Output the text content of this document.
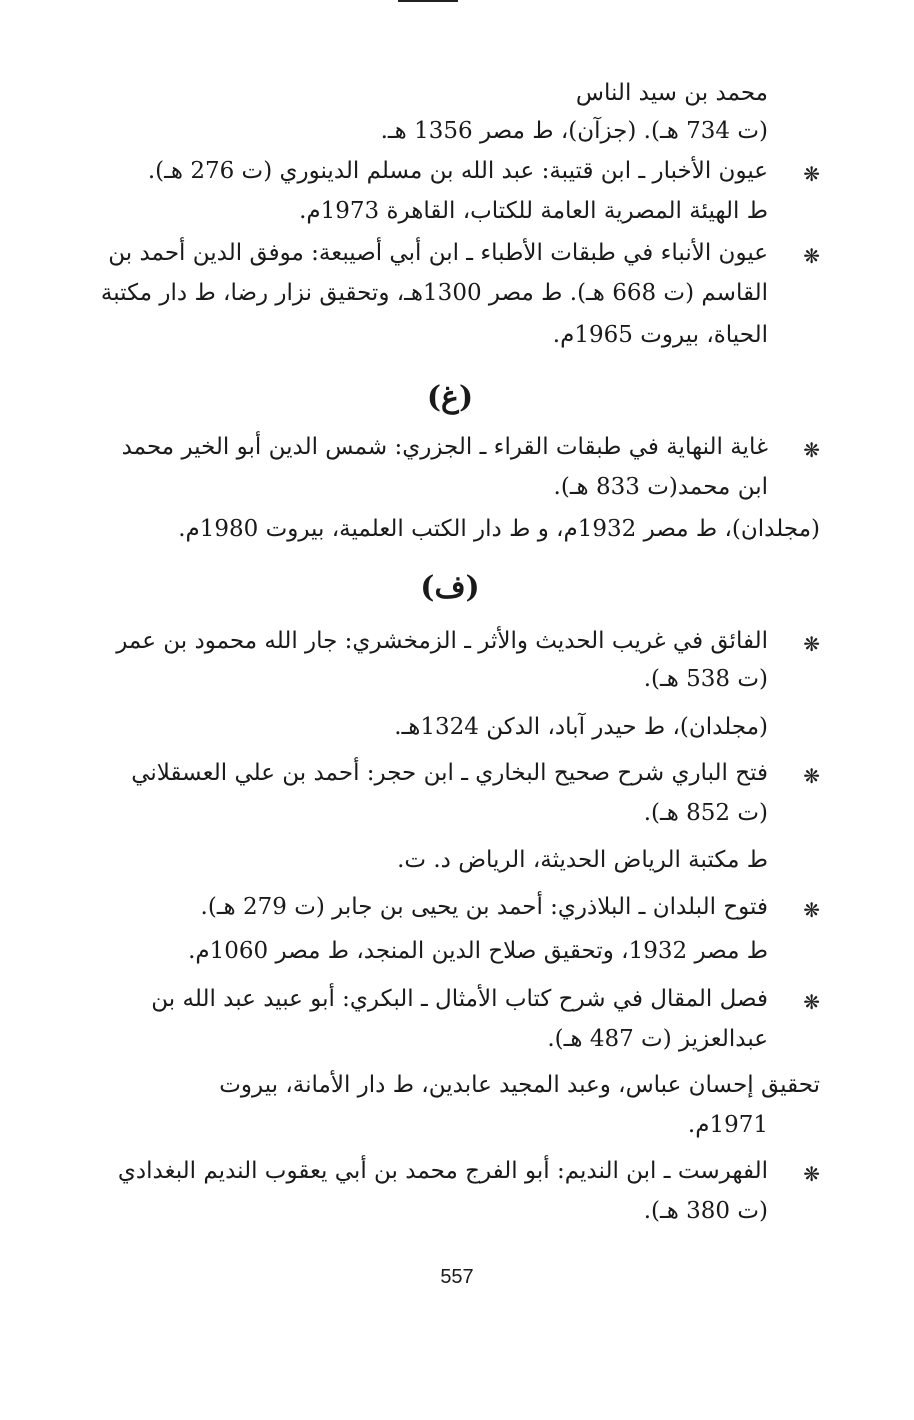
محمد بن سيد الناس
(ت 734 هـ). (جزآن)، ط مصر 1356 هـ.
❋
عيون الأخبار ـ ابن قتيبة: عبد الله بن مسلم الدينوري (ت 276 هـ).
ط الهيئة المصرية العامة للكتاب، القاهرة 1973م.
❋
عيون الأنباء في طبقات الأطباء ـ ابن أبي أصيبعة: موفق الدين أحمد بن
القاسم (ت 668 هـ). ط مصر 1300هـ، وتحقيق نزار رضا، ط دار مكتبة
الحياة، بيروت 1965م.
(غ)
❋
غاية النهاية في طبقات القراء ـ الجزري: شمس الدين أبو الخير محمد
ابن محمد(ت 833 هـ).
(مجلدان)، ط مصر 1932م، و ط دار الكتب العلمية، بيروت 1980م.
(ف)
❋
الفائق في غريب الحديث والأثر ـ الزمخشري: جار الله محمود بن عمر
(ت 538 هـ).
(مجلدان)، ط حيدر آباد، الدكن 1324هـ.
❋
فتح الباري شرح صحيح البخاري ـ ابن حجر: أحمد بن علي العسقلاني
(ت 852 هـ).
ط مكتبة الرياض الحديثة، الرياض د. ت.
❋
فتوح البلدان ـ البلاذري: أحمد بن يحيى بن جابر (ت 279 هـ).
ط مصر 1932، وتحقيق صلاح الدين المنجد، ط مصر 1060م.
❋
فصل المقال في شرح كتاب الأمثال ـ البكري: أبو عبيد عبد الله بن
عبدالعزيز (ت 487 هـ).
تحقيق إحسان عباس، وعبد المجيد عابدين، ط دار الأمانة، بيروت
1971م.
❋
الفهرست ـ ابن النديم: أبو الفرج محمد بن أبي يعقوب النديم البغدادي
(ت 380 هـ).
557
